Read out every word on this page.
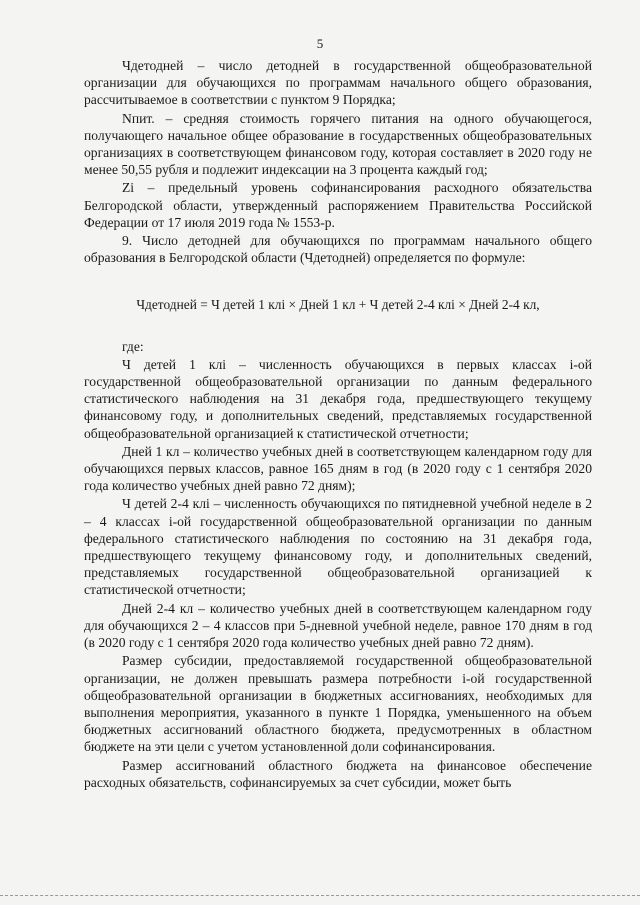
5

Чдетодней – число детодней в государственной общеобразовательной организации для обучающихся по программам начального общего образования, рассчитываемое в соответствии с пунктом 9 Порядка;

Nпит. – средняя стоимость горячего питания на одного обучающегося, получающего начальное общее образование в государственных общеобразовательных организациях в соответствующем финансовом году, которая составляет в 2020 году не менее 50,55 рубля и подлежит индексации на 3 процента каждый год;

Zi – предельный уровень софинансирования расходного обязательства Белгородской области, утвержденный распоряжением Правительства Российской Федерации от 17 июля 2019 года № 1553-р.

9. Число детодней для обучающихся по программам начального общего образования в Белгородской области (Чдетодней) определяется по формуле:

Чдетодней = Ч детей 1 клi × Дней 1 кл + Ч детей 2-4 клi × Дней 2-4 кл,

где:

Ч детей 1 клi – численность обучающихся в первых классах i-ой государственной общеобразовательной организации по данным федерального статистического наблюдения на 31 декабря года, предшествующего текущему финансовому году, и дополнительных сведений, представляемых государственной общеобразовательной организацией к статистической отчетности;

Дней 1 кл – количество учебных дней в соответствующем календарном году для обучающихся первых классов, равное 165 дням в год (в 2020 году с 1 сентября 2020 года количество учебных дней равно 72 дням);

Ч детей 2-4 клi – численность обучающихся по пятидневной учебной неделе в 2 – 4 классах i-ой государственной общеобразовательной организации по данным федерального статистического наблюдения по состоянию на 31 декабря года, предшествующего текущему финансовому году, и дополнительных сведений, представляемых государственной общеобразовательной организацией к статистической отчетности;

Дней 2-4 кл – количество учебных дней в соответствующем календарном году для обучающихся 2 – 4 классов при 5-дневной учебной неделе, равное 170 дням в год (в 2020 году с 1 сентября 2020 года количество учебных дней равно 72 дням).

Размер субсидии, предоставляемой государственной общеобразовательной организации, не должен превышать размера потребности i-ой государственной общеобразовательной организации в бюджетных ассигнованиях, необходимых для выполнения мероприятия, указанного в пункте 1 Порядка, уменьшенного на объем бюджетных ассигнований областного бюджета, предусмотренных в областном бюджете на эти цели с учетом установленной доли софинансирования.

Размер ассигнований областного бюджета на финансовое обеспечение расходных обязательств, софинансируемых за счет субсидии, может быть
